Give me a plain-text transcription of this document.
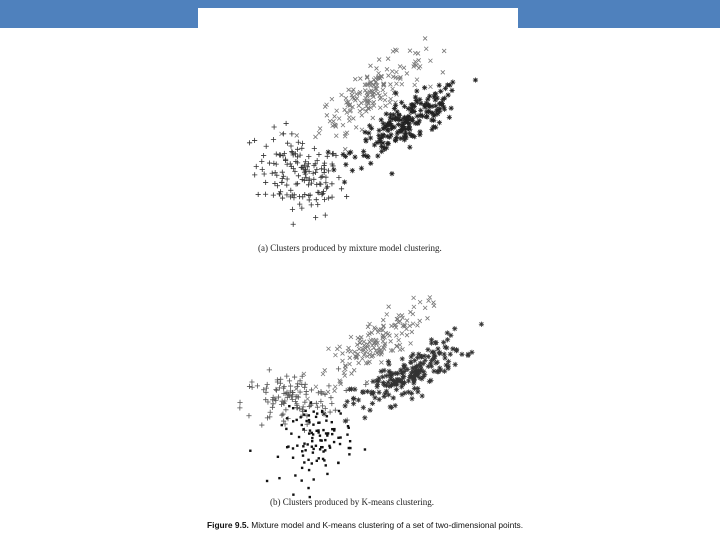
(a) Clusters produced by mixture model clustering.
(b) Clusters produced by K-means clustering.
Figure 9.5. Mixture model and K-means clustering of a set of two-dimensional points.
